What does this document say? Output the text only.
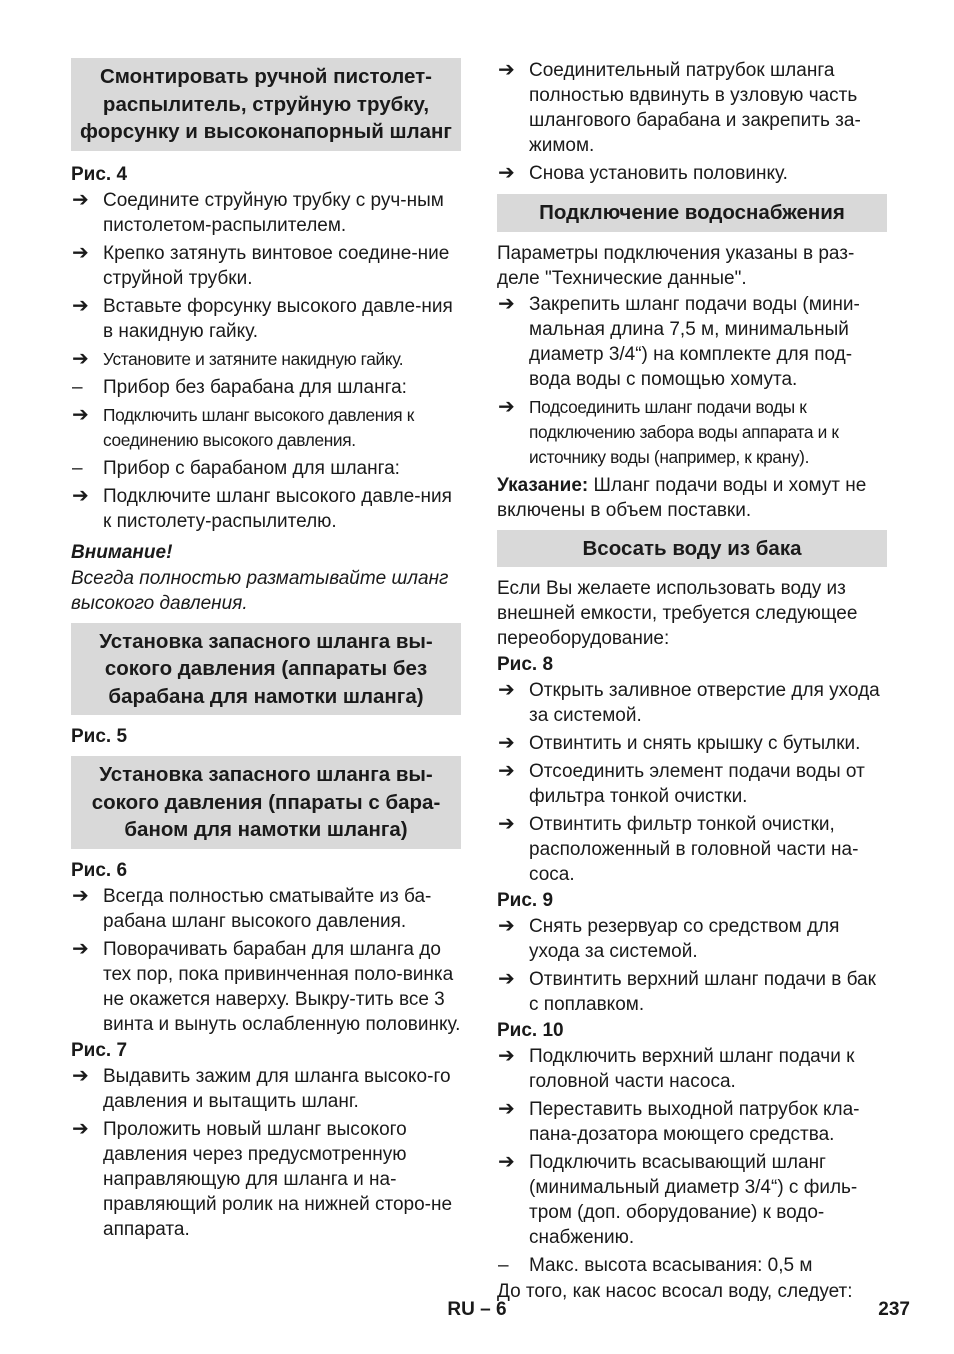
Смонтировать ручной пистолет-распылитель, струйную трубку, форсунку и высоконапорный шланг
Рис. 4
➔ Соедините струйную трубку с руч-ным пистолетом-распылителем.
➔ Крепко затянуть винтовое соедине-ние струйной трубки.
➔ Вставьте форсунку высокого давле-ния в накидную гайку.
➔ Установите и затяните накидную гайку.
–	Прибор без барабана для шланга:
➔ Подключить шланг высокого давления к соединению высокого давления.
–	Прибор с барабаном для шланга:
➔ Подключите шланг высокого давле-ния к пистолету-распылителю.

Внимание!

Всегда полностью разматывайте шланг высокого давления.

Установка запасного шланга вы-сокого давления (аппараты без барабана для намотки шланга)
Рис. 5
Установка запасного шланга вы-сокого давления (ппараты с бара-баном для намотки шланга)
Рис. 6
➔ Всегда полностью сматывайте из ба-рабана шланг высокого давления.
➔ Поворачивать барабан для шланга до тех пор, пока привинченная поло-винка не окажется наверху. Выкру-тить все 3 винта и вынуть ослабленную половинку.
Рис. 7
➔ Выдавить зажим для шланга высоко-го давления и вытащить шланг.
➔ Проложить новый шланг высокого давления через предусмотренную направляющую для шланга и на-правляющий ролик на нижней сторо-не аппарата.
➔ Соединительный патрубок шланга полностью вдвинуть в узловую часть шлангового барабана и закрепить за-жимом.
➔ Снова установить половинку.
Подключение водоснабжения

Параметры подключения указаны в раз-деле "Технические данные".

➔ Закрепить шланг подачи воды (мини-мальная длина 7,5 м, минимальный диаметр 3/4“) на комплекте для под-вода воды с помощью хомута.
➔ Подсоединить шланг подачи воды к подключению забора воды аппарата и к источнику воды (например, к крану).

Указание: Шланг подачи воды и хомут не включены в объем поставки.

Всосать воду из бака

Если Вы желаете использовать воду из внешней емкости, требуется следующее переоборудование:

Рис. 8
➔ Открыть заливное отверстие для ухода за системой.
➔ Отвинтить и снять крышку с бутылки.
➔ Отсоединить элемент подачи воды от фильтра тонкой очистки.
➔ Отвинтить фильтр тонкой очистки, расположенный в головной части на-соса.
Рис. 9
➔ Снять резервуар со средством для ухода за системой.
➔ Отвинтить верхний шланг подачи в бак с поплавком.
Рис. 10
➔ Подключить верхний шланг подачи к головной части насоса.
➔ Переставить выходной патрубок кла-пана-дозатора моющего средства.
➔ Подключить всасывающий шланг (минимальный диаметр 3/4“) с филь-тром (доп. оборудование) к водо-снабжению.
–	Макс. высота всасывания: 0,5 м

До того, как насос всосал воду, следует:

RU – 6	237
